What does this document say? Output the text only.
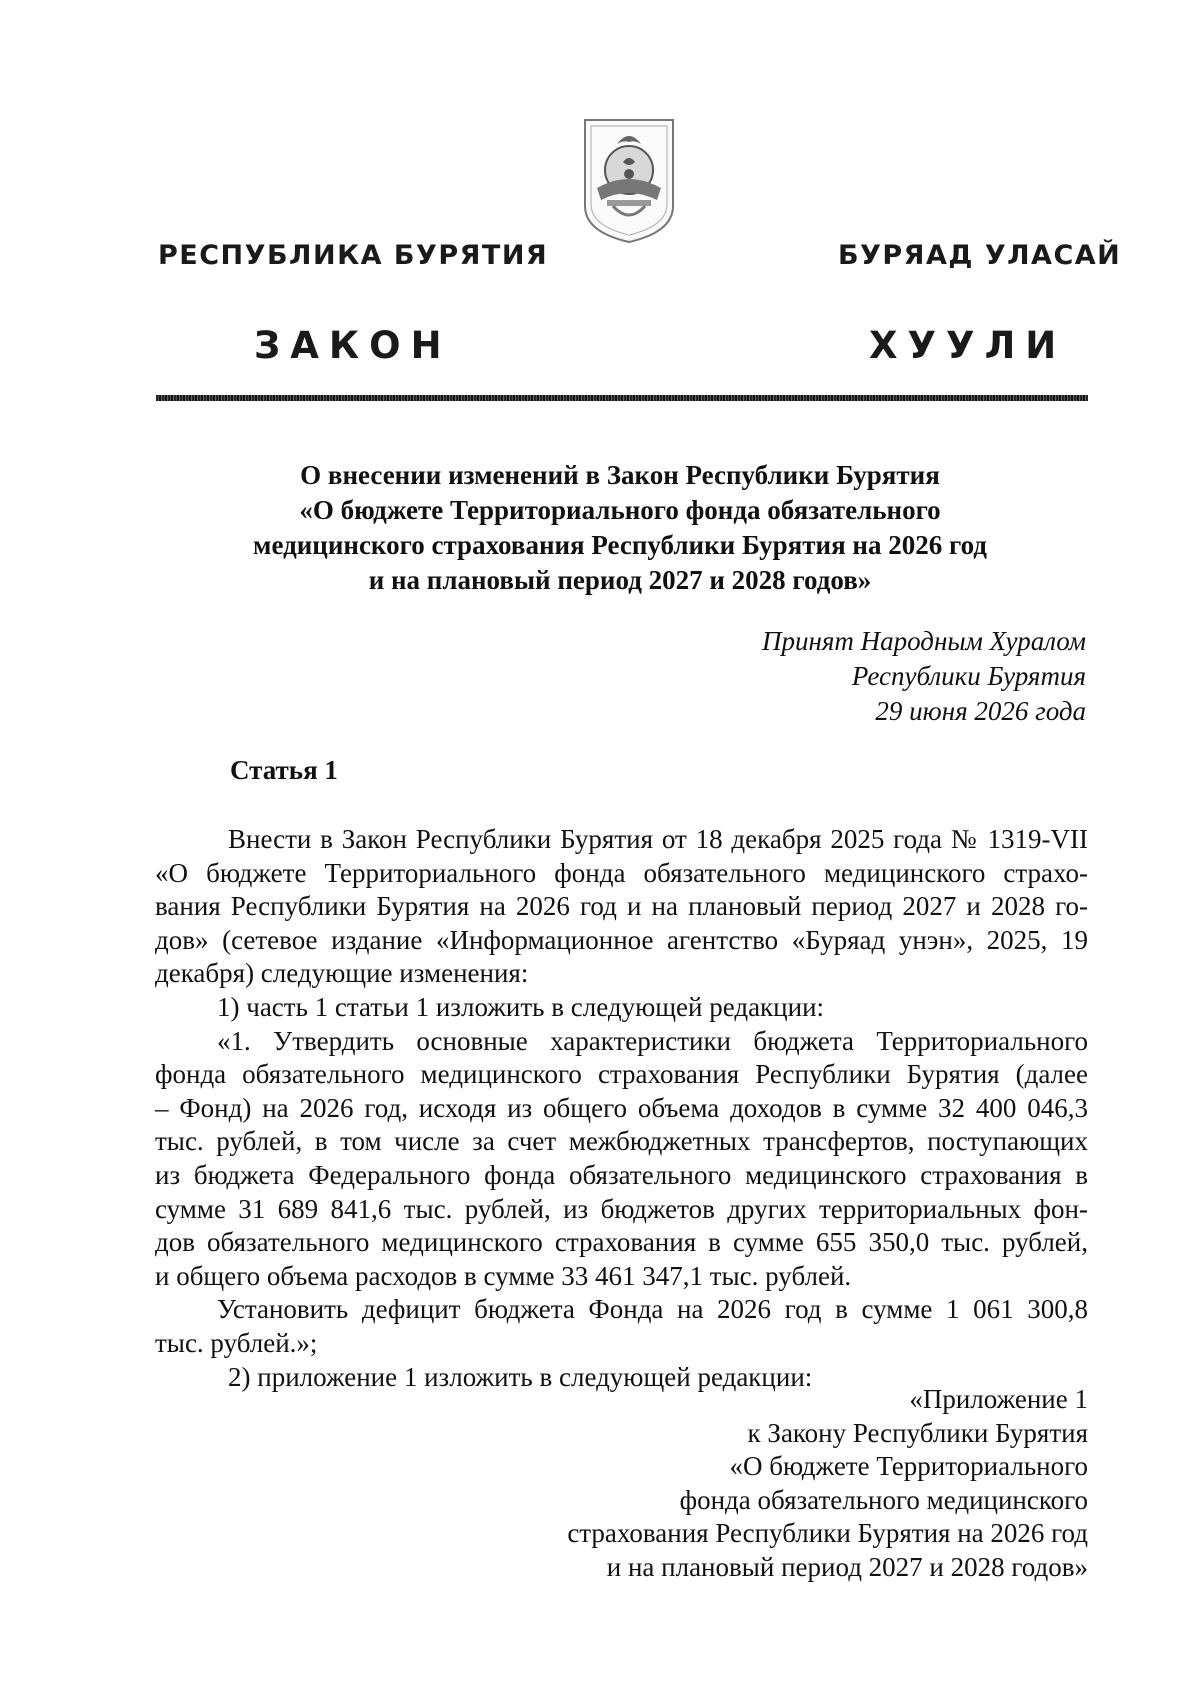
РЕСПУБЛИКА БУРЯТИЯ	БУРЯАД УЛАСАЙ
ЗАКОН	ХУУЛИ
О внесении изменений в Закон Республики Бурятия
«О бюджете Территориального фонда обязательного
медицинского страхования Республики Бурятия на 2026 год
и на плановый период 2027 и 2028 годов»
Принят Народным Хуралом
Республики Бурятия
29 июня 2026 года
Статья 1
Внести в Закон Республики Бурятия от 18 декабря 2025 года № 1319-VII
«О бюджете Территориального фонда обязательного медицинского страхо-
вания Республики Бурятия на 2026 год и на плановый период 2027 и 2028 го-
дов» (сетевое издание «Информационное агентство «Буряад унэн», 2025, 19
декабря) следующие изменения:
1) часть 1 статьи 1 изложить в следующей редакции:
«1. Утвердить основные характеристики бюджета Территориального
фонда обязательного медицинского страхования Республики Бурятия (далее
– Фонд) на 2026 год, исходя из общего объема доходов в сумме 32 400 046,3
тыс. рублей, в том числе за счет межбюджетных трансфертов, поступающих
из бюджета Федерального фонда обязательного медицинского страхования в
сумме 31 689 841,6 тыс. рублей, из бюджетов других территориальных фон-
дов обязательного медицинского страхования в сумме 655 350,0 тыс. рублей,
и общего объема расходов в сумме 33 461 347,1 тыс. рублей.
Установить дефицит бюджета Фонда на 2026 год в сумме 1 061 300,8
тыс. рублей.»;
2) приложение 1 изложить в следующей редакции:
«Приложение 1
к Закону Республики Бурятия
«О бюджете Территориального
фонда обязательного медицинского
страхования Республики Бурятия на 2026 год
и на плановый период 2027 и 2028 годов»
